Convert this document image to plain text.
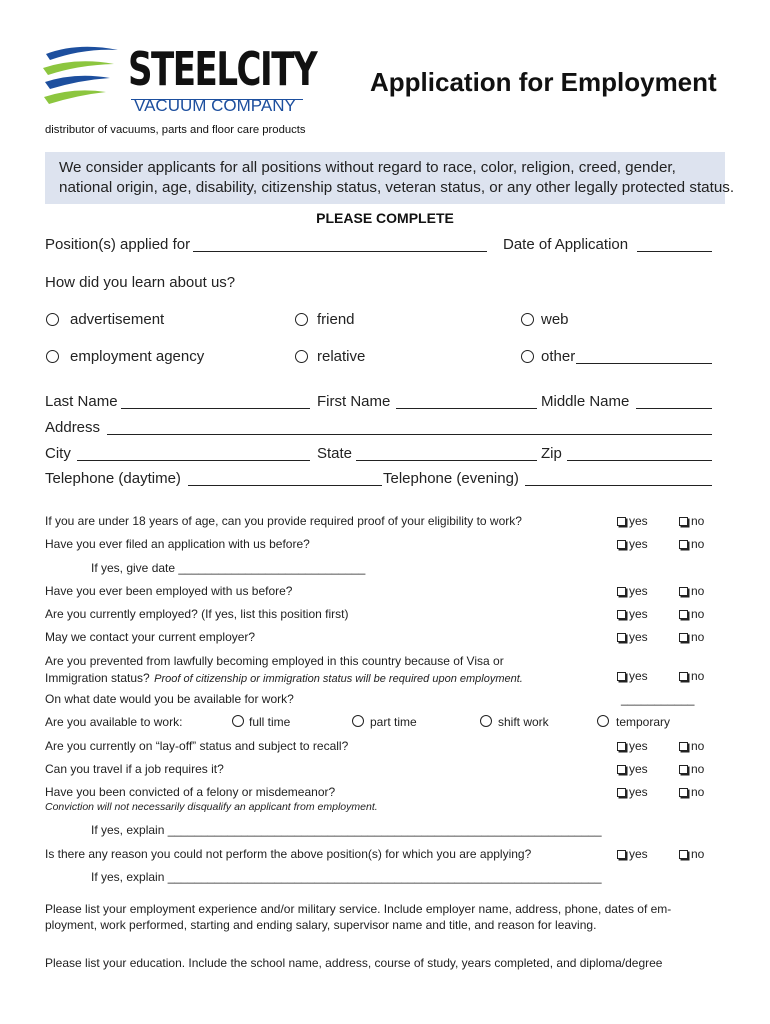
STEELCITY
VACUUM COMPANY
distributor of vacuums, parts and floor care products
Application for Employment
We consider applicants for all positions without regard to race, color, religion, creed, gender,
national origin, age, disability, citizenship status, veteran status, or any other legally protected status.
PLEASE COMPLETE
Position(s) applied for	Date of Application
How did you learn about us?
advertisement	friend	web
employment agency	relative	other
Last Name	First Name	Middle Name
Address
City	State	Zip
Telephone (daytime)	Telephone (evening)
If you are under 18 years of age, can you provide required proof of your eligibility to work?	yes	no
Have you ever filed an application with us before?	yes	no
If yes, give date ____________________________
Have you ever been employed with us before?	yes	no
Are you currently employed? (If yes, list this position first)	yes	no
May we contact your current employer?	yes	no
Are you prevented from lawfully becoming employed in this country because of Visa or
Immigration status? Proof of citizenship or immigration status will be required upon employment.	yes	no
On what date would you be available for work?	___________
Are you available to work:	full time	part time	shift work	temporary
Are you currently on “lay-off” status and subject to recall?	yes	no
Can you travel if a job requires it?	yes	no
Have you been convicted of a felony or misdemeanor?	yes	no
Conviction will not necessarily disqualify an applicant from employment.
If yes, explain _________________________________________________________________
Is there any reason you could not perform the above position(s) for which you are applying?	yes	no
If yes, explain _________________________________________________________________
Please list your employment experience and/or military service. Include employer name, address, phone, dates of em-
ployment, work performed, starting and ending salary, supervisor name and title, and reason for leaving.
Please list your education. Include the school name, address, course of study, years completed, and diploma/degree
